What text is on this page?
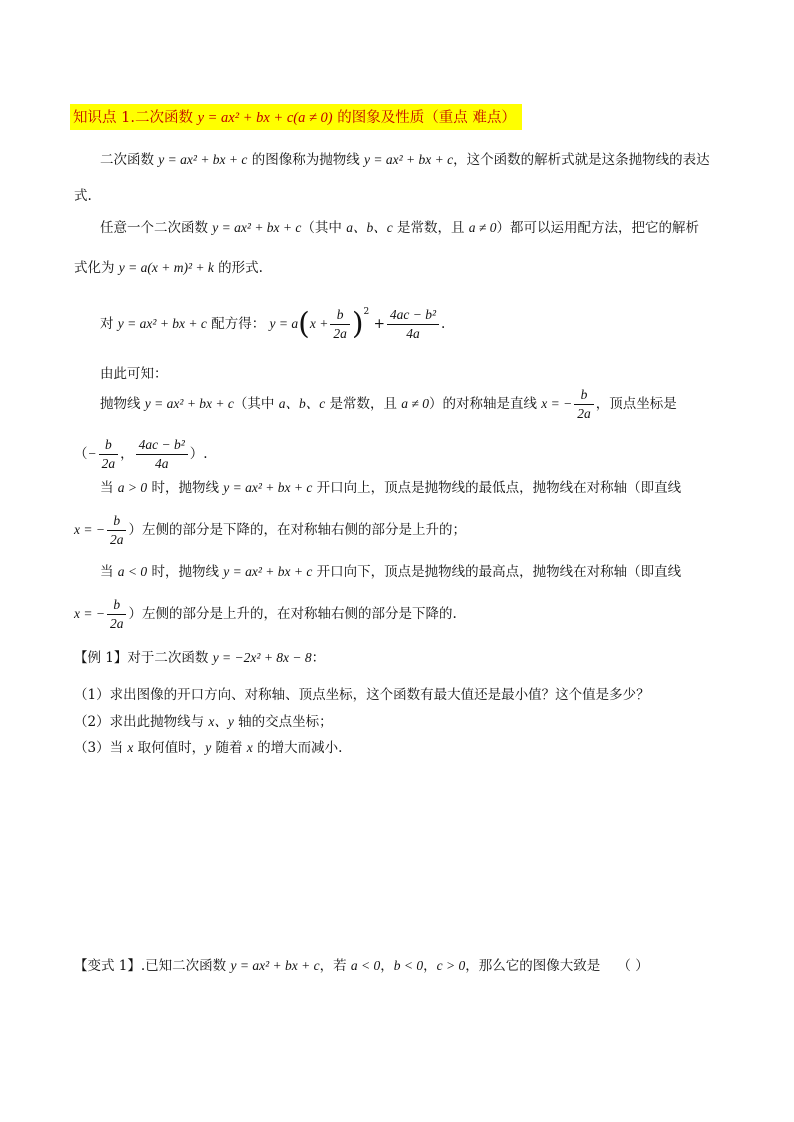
知识点 1.二次函数 y = ax² + bx + c(a ≠ 0) 的图象及性质（重点 难点）
二次函数 y = ax² + bx + c 的图像称为抛物线 y = ax² + bx + c，这个函数的解析式就是这条抛物线的表达
式.
任意一个二次函数 y = ax² + bx + c（其中 a、b、c 是常数，且 a ≠ 0）都可以运用配方法，把它的解析
式化为 y = a(x + m)² + k 的形式.
对 y = ax² + bx + c 配方得： $y = a(x + \frac{b}{2a} )^2 + \frac{\text{4ac − b²}}{4a}$ .
由此可知：
抛物线 y = ax² + bx + c（其中 a、b、c 是常数，且 a ≠ 0）的对称轴是直线 x = − $\frac{b}{2a}$ ，顶点坐标是
（− $\frac{b}{2a}$ ， $\frac{\text{4ac − b²}}{4a}$ ）.
当 a > 0 时，抛物线 y = ax² + bx + c 开口向上，顶点是抛物线的最低点，抛物线在对称轴（即直线
x = − $\frac{b}{2a}$ ）左侧的部分是下降的，在对称轴右侧的部分是上升的；
当 a < 0 时，抛物线 y = ax² + bx + c 开口向下，顶点是抛物线的最高点，抛物线在对称轴（即直线
x = − $\frac{b}{2a}$ ）左侧的部分是上升的，在对称轴右侧的部分是下降的.
【例 1】对于二次函数 y = −2x² + 8x − 8：
（1）求出图像的开口方向、对称轴、顶点坐标，这个函数有最大值还是最小值？这个值是多少？
（2）求出此抛物线与 x、y 轴的交点坐标；
（3）当 x 取何值时，y 随着 x 的增大而减小.
【变式 1】.已知二次函数 y = ax² + bx + c，若 a < 0，b < 0，c > 0，那么它的图像大致是 （ ）
